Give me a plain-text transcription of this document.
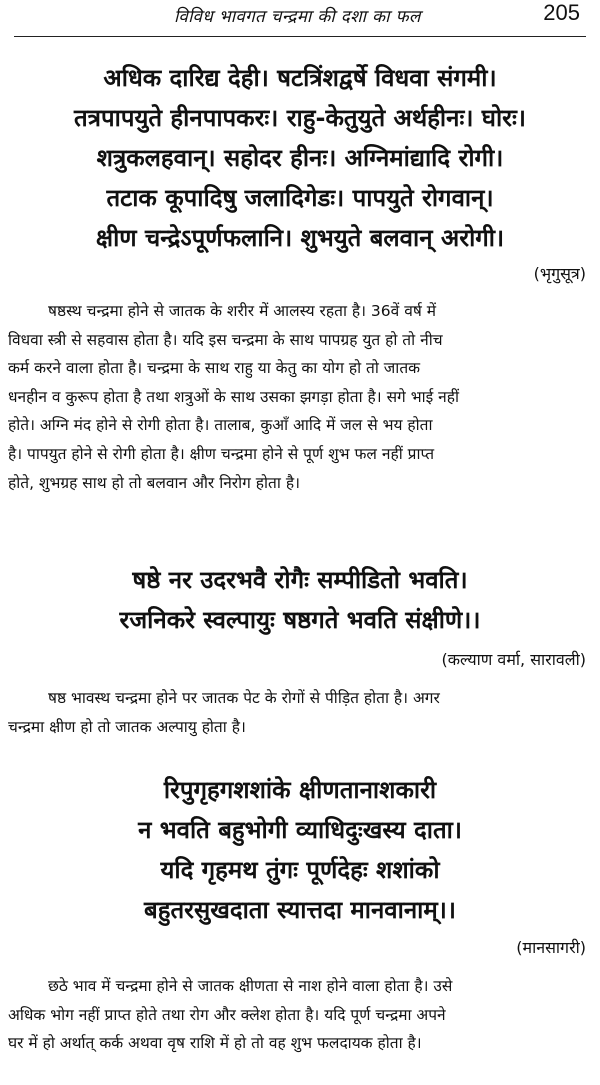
विविध भावगत चन्द्रमा की दशा का फल	205
अधिक दारिद्य देही। षटत्रिंशद्वर्षे विधवा संगमी।
तत्रपापयुते हीनपापकरः। राहु-केतुयुते अर्थहीनः। घोरः।
शत्रुकलहवान्। सहोदर हीनः। अग्निमांद्यादि रोगी।
तटाक कूपादिषु जलादिगेडः। पापयुते रोगवान्।
क्षीण चन्द्रेऽपूर्णफलानि। शुभयुते बलवान् अरोगी।
(भृगुसूत्र)
षष्ठस्थ चन्द्रमा होने से जातक के शरीर में आलस्य रहता है। 36वें वर्ष में
विधवा स्त्री से सहवास होता है। यदि इस चन्द्रमा के साथ पापग्रह युत हो तो नीच
कर्म करने वाला होता है। चन्द्रमा के साथ राहु या केतु का योग हो तो जातक
धनहीन व कुरूप होता है तथा शत्रुओं के साथ उसका झगड़ा होता है। सगे भाई नहीं
होते। अग्नि मंद होने से रोगी होता है। तालाब, कुआँ आदि में जल से भय होता
है। पापयुत होने से रोगी होता है। क्षीण चन्द्रमा होने से पूर्ण शुभ फल नहीं प्राप्त
होते, शुभग्रह साथ हो तो बलवान और निरोग होता है।
षष्ठे नर उदरभवै रोगैः सम्पीडितो भवति।
रजनिकरे स्वल्पायुः षष्ठगते भवति संक्षीणे।।
(कल्याण वर्मा, सारावली)
षष्ठ भावस्थ चन्द्रमा होने पर जातक पेट के रोगों से पीड़ित होता है। अगर
चन्द्रमा क्षीण हो तो जातक अल्पायु होता है।
रिपुगृहगशशांके क्षीणतानाशकारी
न भवति बहुभोगी व्याधिदुःखस्य दाता।
यदि गृहमथ तुंगः पूर्णदेहः शशांको
बहुतरसुखदाता स्यात्तदा मानवानाम्।।
(मानसागरी)
छठे भाव में चन्द्रमा होने से जातक क्षीणता से नाश होने वाला होता है। उसे
अधिक भोग नहीं प्राप्त होते तथा रोग और क्लेश होता है। यदि पूर्ण चन्द्रमा अपने
घर में हो अर्थात् कर्क अथवा वृष राशि में हो तो वह शुभ फलदायक होता है।
